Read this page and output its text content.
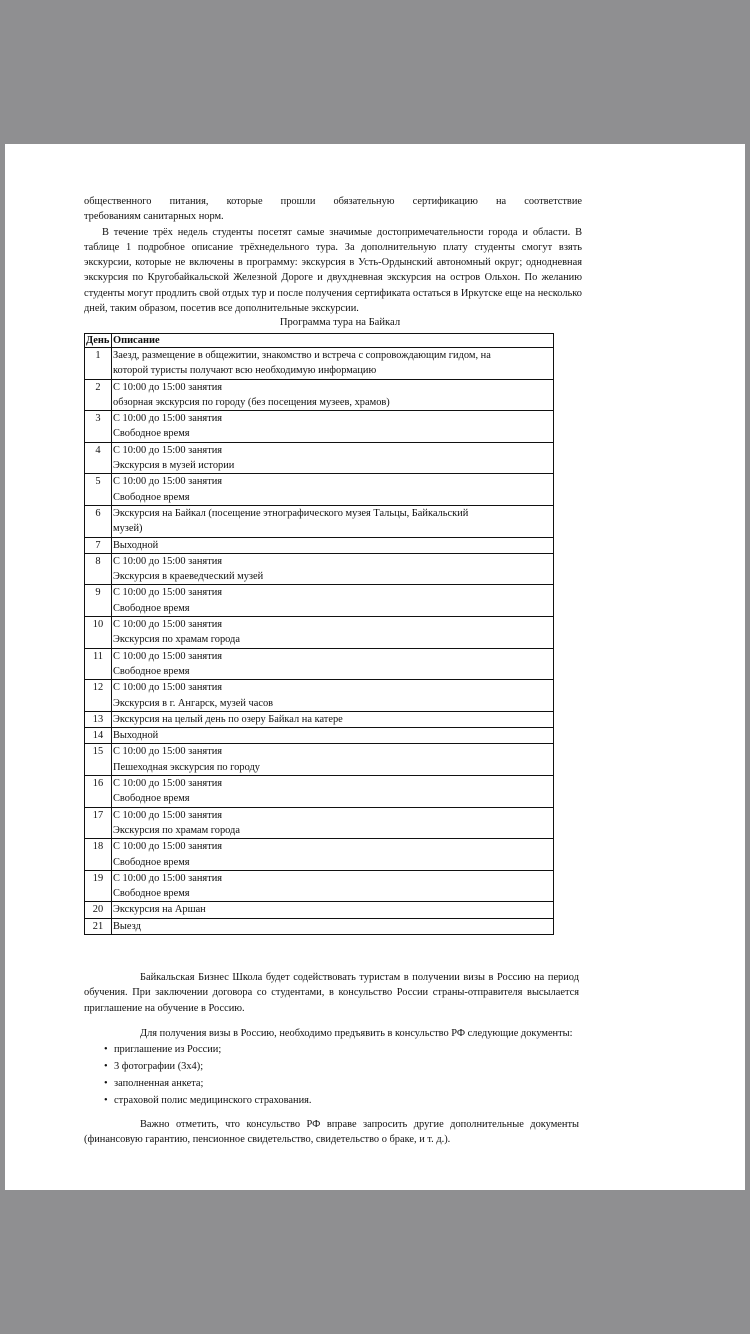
общественного питания, которые прошли обязательную сертификацию на соответствие

требованиям санитарных норм.

В течение трёх недель студенты посетят самые значимые достопримечательности города и области. В таблице 1 подробное описание трёхнедельного тура. За дополнительную плату студенты смогут взять экскурсии, которые не включены в программу: экскурсия в Усть-Ордынский автономный округ; однодневная экскурсия по Кругобайкальской Железной Дороге и двухдневная экскурсия на остров Ольхон. По желанию студенты могут продлить свой отдых тур и после получения сертификата остаться в Иркутске еще на несколько дней, таким образом, посетив все дополнительные экскурсии.

Программа тура на Байкал

День	Описание
1	Заезд, размещение в общежитии, знакомство и встреча с сопровождающим гидом, на
которой туристы получают всю необходимую информацию

2	С 10:00 до 15:00 занятия
обзорная экскурсия по городу (без посещения музеев, храмов)

3	С 10:00 до 15:00 занятия
Свободное время

4	С 10:00 до 15:00 занятия
Экскурсия в музей истории

5	С 10:00 до 15:00 занятия
Свободное время

6	Экскурсия на Байкал (посещение этнографического музея Тальцы, Байкальский
музей)

7	Выходной

8	С 10:00 до 15:00 занятия
Экскурсия в краеведческий музей

9	С 10:00 до 15:00 занятия
Свободное время

10	С 10:00 до 15:00 занятия
Экскурсия по храмам города

11	С 10:00 до 15:00 занятия
Свободное время

12	С 10:00 до 15:00 занятия
Экскурсия в г. Ангарск, музей часов

13	Экскурсия на целый день по озеру Байкал на катере

14	Выходной

15	С 10:00 до 15:00 занятия
Пешеходная экскурсия по городу

16	С 10:00 до 15:00 занятия
Свободное время

17	С 10:00 до 15:00 занятия
Экскурсия по храмам города

18	С 10:00 до 15:00 занятия
Свободное время

19	С 10:00 до 15:00 занятия
Свободное время

20	Экскурсия на Аршан

21	Выезд

Байкальская Бизнес Школа будет содействовать туристам в получении визы в Россию на период обучения. При заключении договора со студентами, в консульство России страны-отправителя высылается приглашение на обучение в Россию.

Для получения визы в Россию, необходимо предъявить в консульство РФ следующие документы:

• приглашение из России;
• 3 фотографии (3x4);
• заполненная анкета;
• страховой полис медицинского страхования.

Важно отметить, что консульство РФ вправе запросить другие дополнительные документы (финансовую гарантию, пенсионное свидетельство, свидетельство о браке, и т. д.).
